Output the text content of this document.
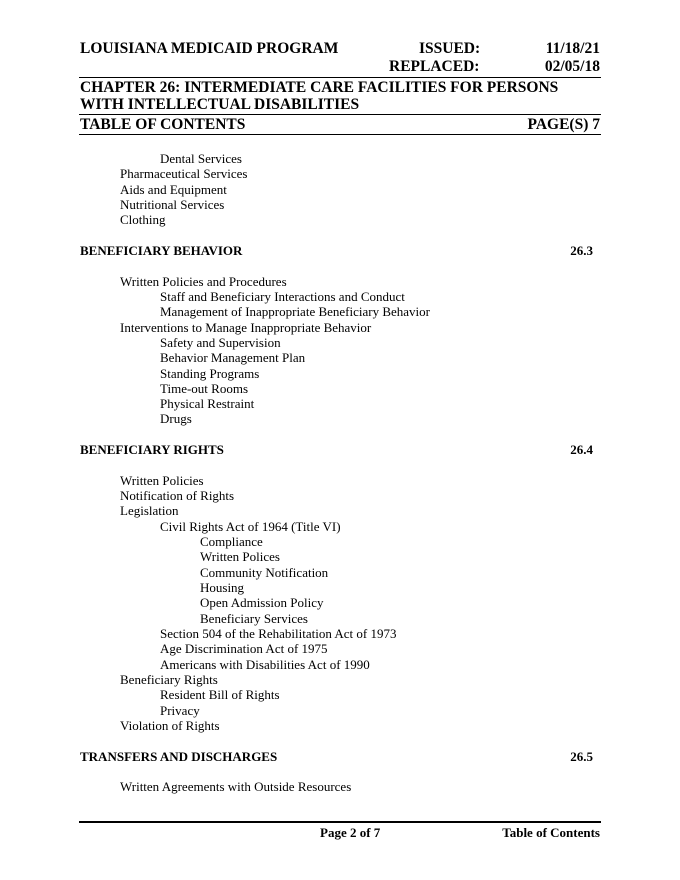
LOUISIANA MEDICAID PROGRAM	ISSUED:	11/18/21
REPLACED:	02/05/18
CHAPTER 26: INTERMEDIATE CARE FACILITIES FOR PERSONS
WITH INTELLECTUAL DISABILITIES
TABLE OF CONTENTS	PAGE(S) 7
Dental Services
Pharmaceutical Services
Aids and Equipment
Nutritional Services
Clothing
BENEFICIARY BEHAVIOR	26.3
Written Policies and Procedures
Staff and Beneficiary Interactions and Conduct
Management of Inappropriate Beneficiary Behavior
Interventions to Manage Inappropriate Behavior
Safety and Supervision
Behavior Management Plan
Standing Programs
Time-out Rooms
Physical Restraint
Drugs
BENEFICIARY RIGHTS	26.4
Written Policies
Notification of Rights
Legislation
Civil Rights Act of 1964 (Title VI)
Compliance
Written Polices
Community Notification
Housing
Open Admission Policy
Beneficiary Services
Section 504 of the Rehabilitation Act of 1973
Age Discrimination Act of 1975
Americans with Disabilities Act of 1990
Beneficiary Rights
Resident Bill of Rights
Privacy
Violation of Rights
TRANSFERS AND DISCHARGES	26.5
Written Agreements with Outside Resources
Page 2 of 7	Table of Contents
